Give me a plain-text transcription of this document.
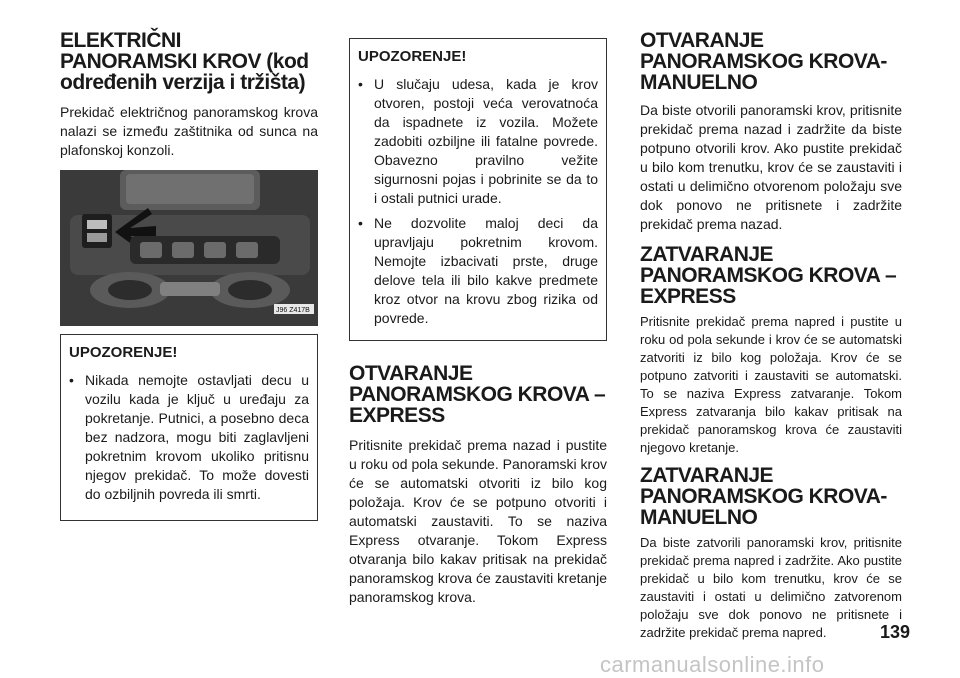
ELEKTRIČNI PANORAMSKI KROV (kod određenih verzija i tržišta)

Prekidač električnog panoramskog krova nalazi se između zaštitnika od sunca na plafonskoj konzoli.

J96 Z417B
UPOZORENJE!
• Nikada nemojte ostavljati decu u vozilu kada je ključ u uređaju za pokretanje. Putnici, a posebno deca bez nadzora, mogu biti zaglavljeni pokretnim krovom ukoliko pritisnu njegov prekidač. To može dovesti do ozbiljnih povreda ili smrti.
UPOZORENJE!
• U slučaju udesa, kada je krov otvoren, postoji veća verovatnoća da ispadnete iz vozila. Možete zadobiti ozbiljne ili fatalne povrede. Obavezno pravilno vežite sigurnosni pojas i pobrinite se da to i ostali putnici urade.
• Ne dozvolite maloj deci da upravljaju pokretnim krovom. Nemojte izbacivati prste, druge delove tela ili bilo kakve predmete kroz otvor na krovu zbog rizika od povrede.
OTVARANJE PANORAMSKOG KROVA – EXPRESS

Pritisnite prekidač prema nazad i pustite u roku od pola sekunde. Panoramski krov će se automatski otvoriti iz bilo kog položaja. Krov će se potpuno otvoriti i automatski zaustaviti. To se naziva Express otvaranje. Tokom Express otvaranja bilo kakav pritisak na prekidač panoramskog krova će zaustaviti kretanje panoramskog krova.

OTVARANJE PANORAMSKOG KROVA-MANUELNO

Da biste otvorili panoramski krov, pritisnite prekidač prema nazad i zadržite da biste potpuno otvorili krov. Ako pustite prekidač u bilo kom trenutku, krov će se zaustaviti i ostati u delimično otvorenom položaju sve dok ponovo ne pritisnete i zadržite prekidač prema nazad.

ZATVARANJE PANORAMSKOG KROVA – EXPRESS

Pritisnite prekidač prema napred i pustite u roku od pola sekunde i krov će se automatski zatvoriti iz bilo kog položaja. Krov će se potpuno zatvoriti i zaustaviti se automatski. To se naziva Express zatvaranje. Tokom Express zatvaranja bilo kakav pritisak na prekidač panoramskog krova će zaustaviti njegovo kretanje.

ZATVARANJE PANORAMSKOG KROVA-MANUELNO

Da biste zatvorili panoramski krov, pritisnite prekidač prema napred i zadržite. Ako pustite prekidač u bilo kom trenutku, krov će se zaustaviti i ostati u delimično zatvorenom položaju sve dok ponovo ne pritisnete i zadržite prekidač prema napred.	139
carmanualsonline.info
